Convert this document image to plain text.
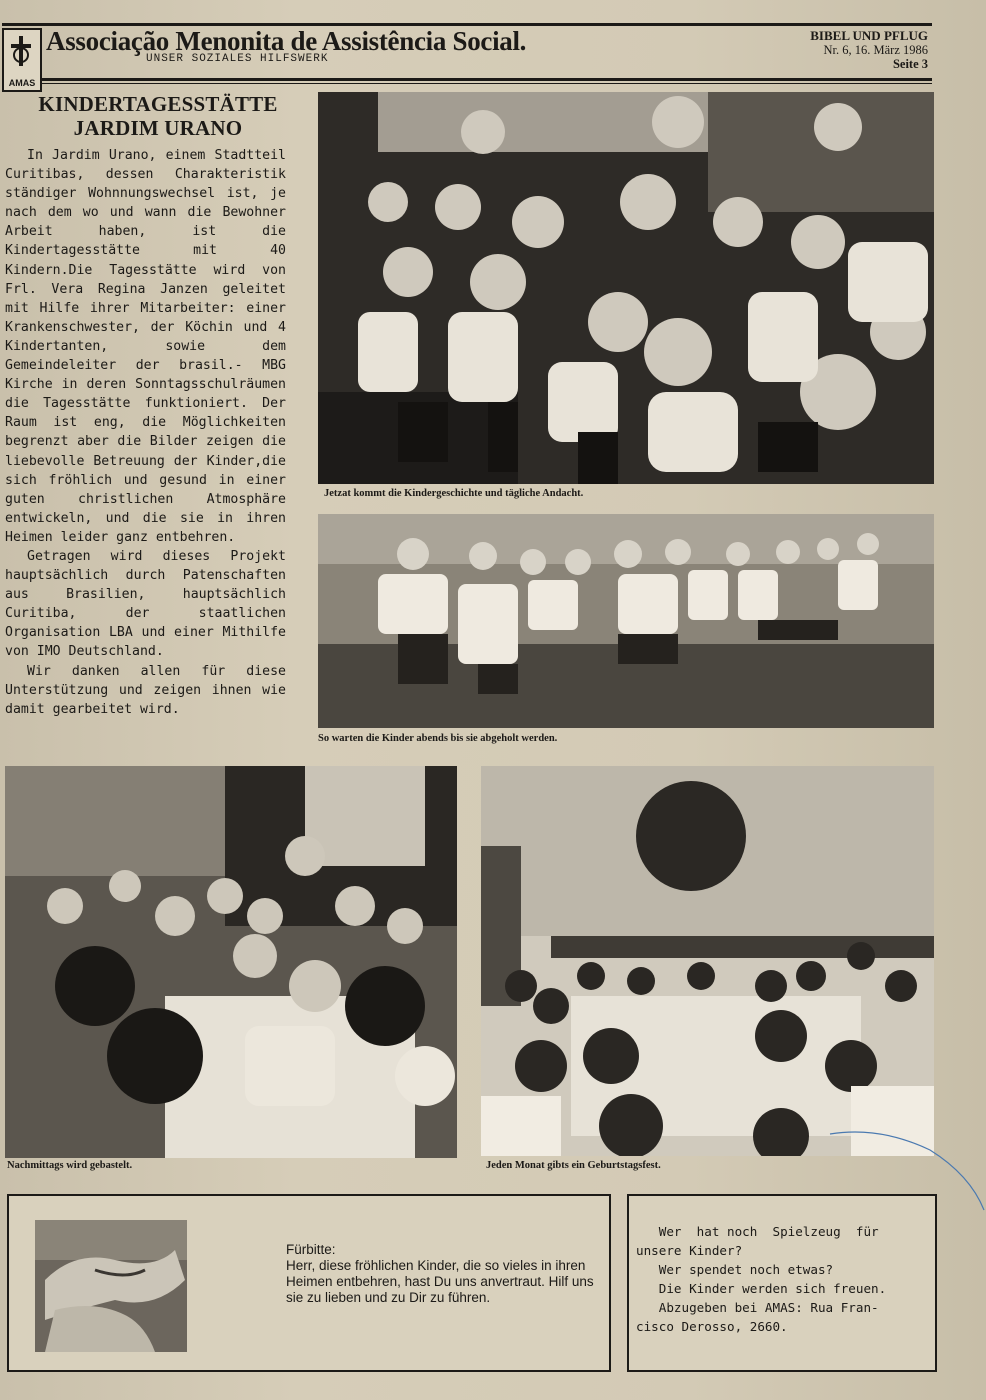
AMAS
Associação Menonita de Assistência Social.
UNSER SOZIALES HILFSWERK
BIBEL UND PFLUG
Nr. 6, 16. März 1986
Seite 3
KINDERTAGESSTÄTTE
JARDIM URANO

In Jardim Urano, einem Stadtteil Curitibas, dessen Charakteristik ständiger Wohnnungswechsel ist, je nach dem wo und wann die Bewohner Arbeit haben, ist die Kindertagesstätte mit 40 Kindern.Die Tagesstätte wird von Frl. Vera Regina Janzen geleitet mit Hilfe ihrer Mitarbeiter: einer Krankenschwester, der Köchin und 4 Kindertanten, sowie dem Gemeindeleiter der brasil.- MBG Kirche in deren Sonntagsschulräumen die Tagesstätte funktioniert. Der Raum ist eng, die Möglichkeiten begrenzt aber die Bilder zeigen die liebevolle Betreuung der Kinder,die sich fröhlich und gesund in einer guten christlichen Atmosphäre entwickeln, und die sie in ihren Heimen leider ganz entbehren.

Getragen wird dieses Projekt hauptsächlich durch Patenschaften aus Brasilien, hauptsächlich Curitiba, der staatlichen Organisation LBA und einer Mithilfe von IMO Deutschland.

Wir danken allen für diese Unterstützung und zeigen ihnen wie damit gearbeitet wird.

Jetzat kommt die Kindergeschichte und tägliche Andacht.
So warten die Kinder abends bis sie abgeholt werden.
Nachmittags wird gebastelt.	Jeden Monat gibts ein Geburtstagsfest.
Fürbitte:
Herr, diese fröhlichen Kinder, die so vieles in ihren Heimen entbehren, hast Du uns anvertraut. Hilf uns sie zu lieben und zu Dir zu führen.
Wer  hat noch  Spielzeug  für
unsere Kinder?
Wer spendet noch etwas?
Die Kinder werden sich freuen.
Abzugeben bei AMAS: Rua Fran-
cisco Derosso, 2660.
